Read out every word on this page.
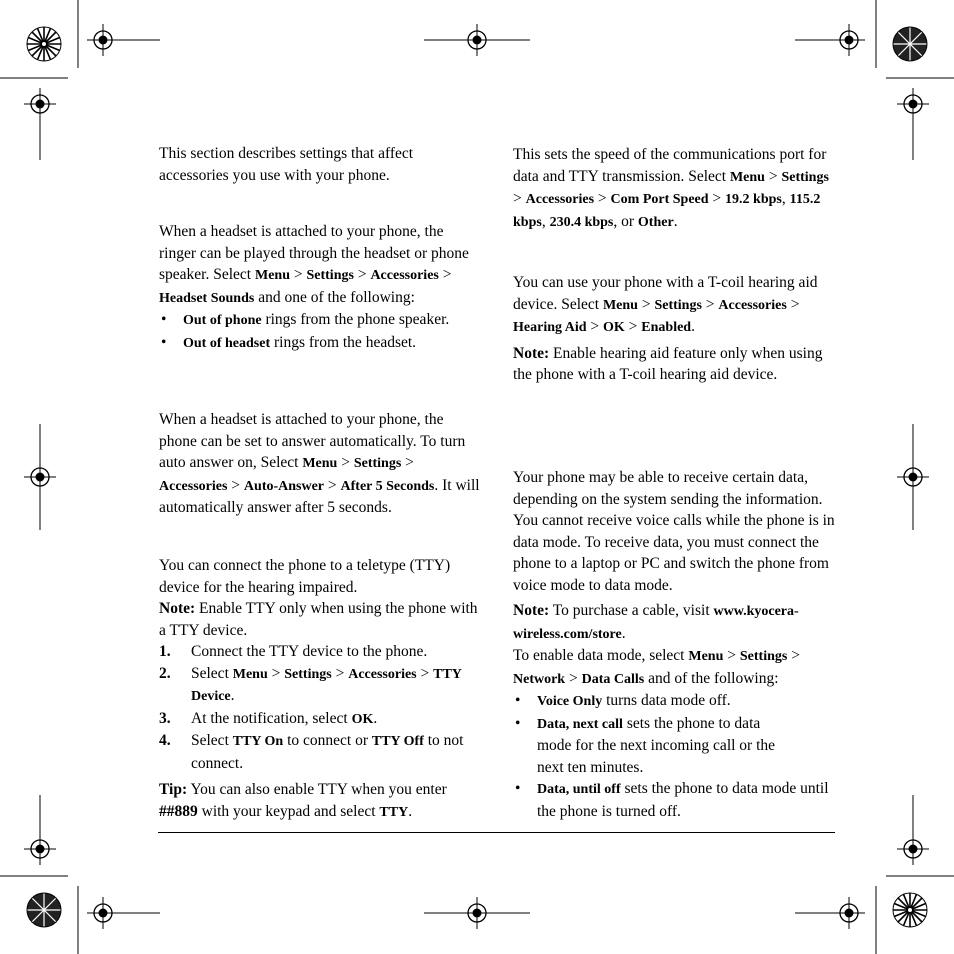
This section describes settings that affect accessories you use with your phone.
When a headset is attached to your phone, the ringer can be played through the headset or phone speaker. Select Menu > Settings > Accessories > Headset Sounds and one of the following:
• Out of phone rings from the phone speaker.
• Out of headset rings from the headset.
When a headset is attached to your phone, the phone can be set to answer automatically. To turn auto answer on, Select Menu > Settings > Accessories > Auto-Answer > After 5 Seconds. It will automatically answer after 5 seconds.
You can connect the phone to a teletype (TTY) device for the hearing impaired.
Note: Enable TTY only when using the phone with a TTY device.
1. Connect the TTY device to the phone.
2. Select Menu > Settings > Accessories > TTY Device.
3. At the notification, select OK.
4. Select TTY On to connect or TTY Off to not connect.
Tip: You can also enable TTY when you enter ##889 with your keypad and select TTY.
This sets the speed of the communications port for data and TTY transmission. Select Menu > Settings > Accessories > Com Port Speed > 19.2 kbps, 115.2 kbps, 230.4 kbps, or Other.
You can use your phone with a T-coil hearing aid device. Select Menu > Settings > Accessories > Hearing Aid > OK > Enabled.
Note: Enable hearing aid feature only when using the phone with a T-coil hearing aid device.
Your phone may be able to receive certain data, depending on the system sending the information. You cannot receive voice calls while the phone is in data mode. To receive data, you must connect the phone to a laptop or PC and switch the phone from voice mode to data mode.
Note: To purchase a cable, visit www.kyocera-wireless.com/store.
To enable data mode, select Menu > Settings > Network > Data Calls and of the following:
• Voice Only turns data mode off.
• Data, next call sets the phone to data mode for the next incoming call or the next ten minutes.
• Data, until off sets the phone to data mode until the phone is turned off.
